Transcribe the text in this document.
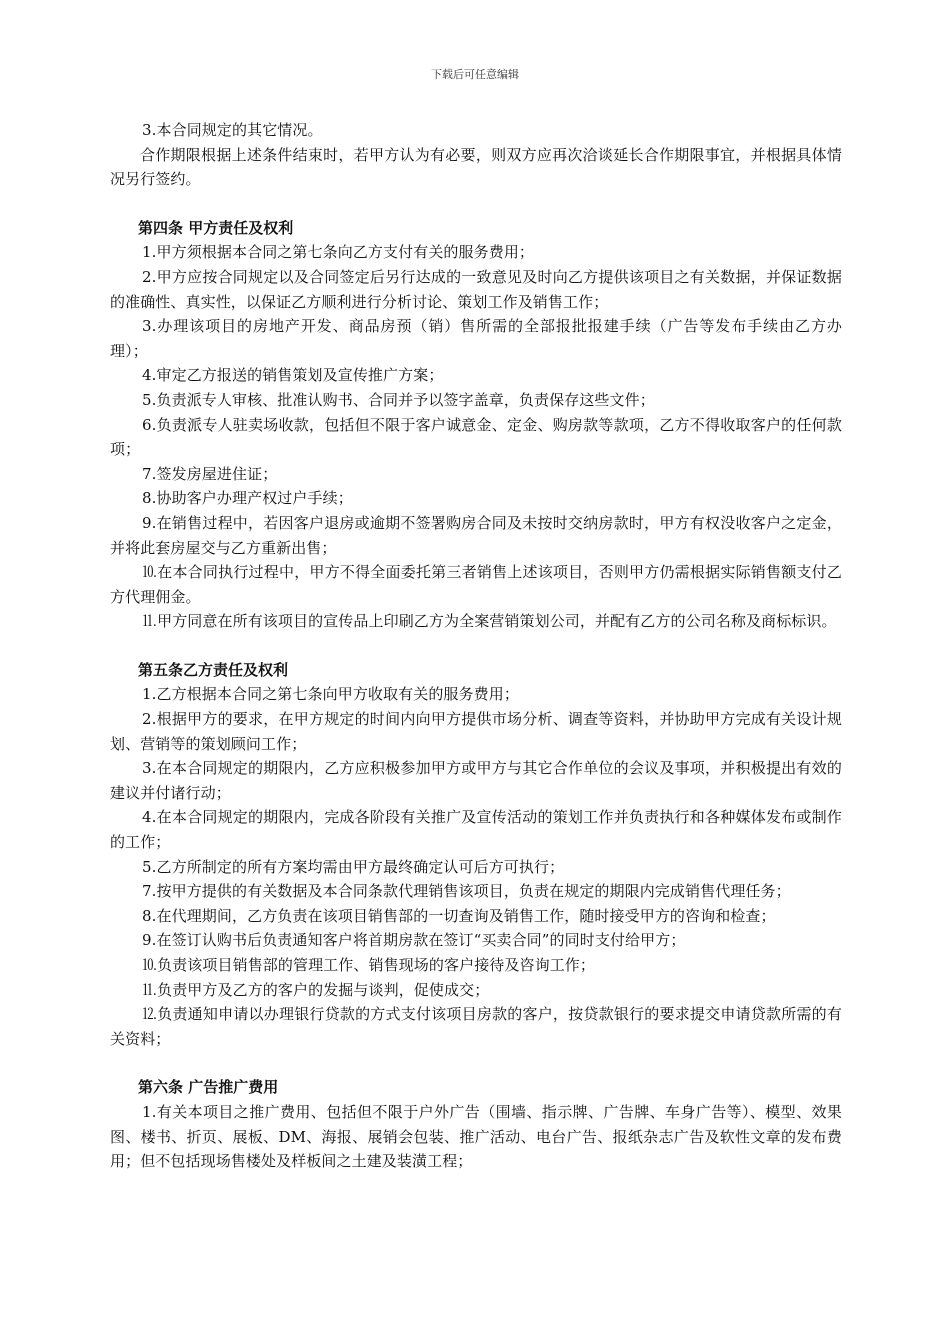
下载后可任意编辑

3.本合同规定的其它情况。

合作期限根据上述条件结束时，若甲方认为有必要，则双方应再次洽谈延长合作期限事宜，并根据具体情况另行签约。

第四条 甲方责任及权利

1.甲方须根据本合同之第七条向乙方支付有关的服务费用；

2.甲方应按合同规定以及合同签定后另行达成的一致意见及时向乙方提供该项目之有关数据，并保证数据的准确性、真实性，以保证乙方顺利进行分析讨论、策划工作及销售工作；

3.办理该项目的房地产开发、商品房预（销）售所需的全部报批报建手续（广告等发布手续由乙方办理）；

4.审定乙方报送的销售策划及宣传推广方案；

5.负责派专人审核、批准认购书、合同并予以签字盖章，负责保存这些文件；

6.负责派专人驻卖场收款，包括但不限于客户诚意金、定金、购房款等款项，乙方不得收取客户的任何款项；

7.签发房屋进住证；

8.协助客户办理产权过户手续；

9.在销售过程中，若因客户退房或逾期不签署购房合同及未按时交纳房款时，甲方有权没收客户之定金，并将此套房屋交与乙方重新出售；

⒑在本合同执行过程中，甲方不得全面委托第三者销售上述该项目，否则甲方仍需根据实际销售额支付乙方代理佣金。

⒒甲方同意在所有该项目的宣传品上印刷乙方为全案营销策划公司，并配有乙方的公司名称及商标标识。

第五条乙方责任及权利

1.乙方根据本合同之第七条向甲方收取有关的服务费用；

2.根据甲方的要求，在甲方规定的时间内向甲方提供市场分析、调查等资料，并协助甲方完成有关设计规划、营销等的策划顾问工作；

3.在本合同规定的期限内，乙方应积极参加甲方或甲方与其它合作单位的会议及事项，并积极提出有效的建议并付诸行动；

4.在本合同规定的期限内，完成各阶段有关推广及宣传活动的策划工作并负责执行和各种媒体发布或制作的工作；

5.乙方所制定的所有方案均需由甲方最终确定认可后方可执行；

7.按甲方提供的有关数据及本合同条款代理销售该项目，负责在规定的期限内完成销售代理任务；

8.在代理期间，乙方负责在该项目销售部的一切查询及销售工作，随时接受甲方的咨询和检查；

9.在签订认购书后负责通知客户将首期房款在签订“买卖合同”的同时支付给甲方；

⒑负责该项目销售部的管理工作、销售现场的客户接待及咨询工作；

⒒负责甲方及乙方的客户的发掘与谈判，促使成交；

⒓负责通知申请以办理银行贷款的方式支付该项目房款的客户，按贷款银行的要求提交申请贷款所需的有关资料；

第六条 广告推广费用

1.有关本项目之推广费用、包括但不限于户外广告（围墙、指示牌、广告牌、车身广告等）、模型、效果图、楼书、折页、展板、DM、海报、展销会包装、推广活动、电台广告、报纸杂志广告及软性文章的发布费用；但不包括现场售楼处及样板间之土建及装潢工程；
